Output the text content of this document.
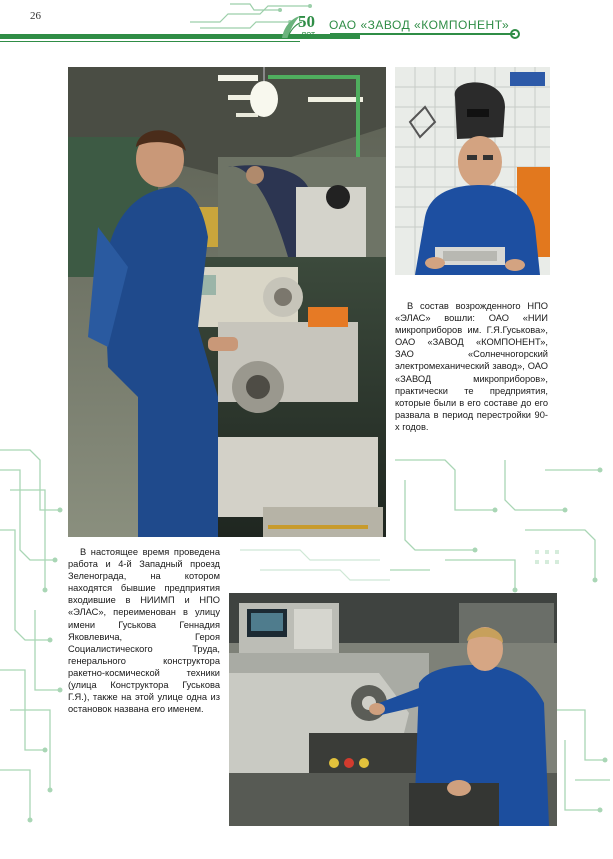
26	50
лет
ОАО «ЗАВОД «КОМПОНЕНТ»

В состав возрожденного НПО «ЭЛАС» вошли: ОАО «НИИ микроприборов им. Г.Я.Гуськова», ОАО «ЗАВОД «КОМПОНЕНТ», ЗАО «Солнечногорский электромеханический завод», ОАО «ЗАВОД микроприборов», практически те предприятия, которые были в его составе до его развала в период перестройки 90-х годов.

В настоящее время проведена работа и 4-й Западный проезд Зеленограда, на котором находятся бывшие предприятия входившие в НИИМП и НПО «ЭЛАС», переименован в улицу имени Гуськова Геннадия Яковлевича, Героя Социалистического Труда, генерального конструктора ракетно-космической техники (улица Конструктора Гуськова Г.Я.), также на этой улице одна из остановок названа его именем.
